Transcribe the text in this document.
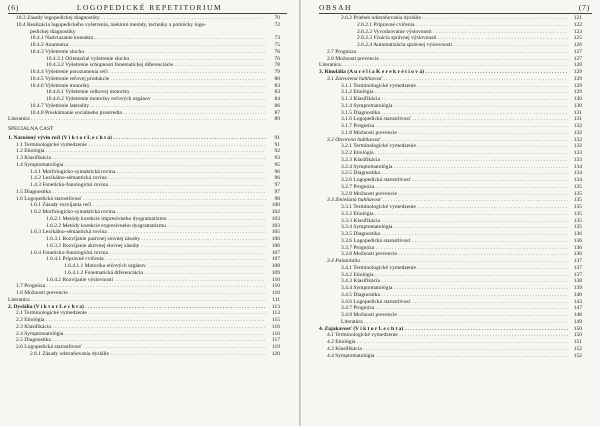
(6)	LOGOPEDICKÉ REPETITORIUM
10.3 Zásady logopedickej diagnostiky . . .	70
10.4 Realizácia logopedického vyšetrenia, niektoré metódy, techniky a pomôcky logo-	72
pedickej diagnostiky
10.4.1 Nadviazanie kontaktu . . .	73
10.4.2 Anamnéza . . .	75
10.4.3 Vyšetrenie sluchu . . .	76
10.4.3.1 Orientačné vyšetrenie sluchu . . .	76
10.4.3.2 Vyšetrenie schopnosti fonematickej diferenciácie . . .	78
10.4.4 Vyšetrenie porozumenia reči . . .	79
10.4.5 Vyšetrenie rečovej produkcie . . .	80
10.4.6 Vyšetrenie motoriky . . .	83
10.4.6.1 Vyšetrenie celkovej motoriky . . .	83
10.4.6.2 Vyšetrenie motoriky rečových orgánov . . .	84
10.4.7 Vyšetrenie laterality . . .	86
10.4.8 Preskúmanie sociálneho prostredia . . .	87
Literatúra . . .	89
ŠPECIÁLNA ČASŤ
1. Narušený vývin reči (V i k t o r L e c h t a) . . .	91
1.1 Terminologické vymedzenie . . .	91
1.2 Etiológia . . .	92
1.3 Klasifikácia . . .	93
1.4 Symptomatológia . . .	95
1.4.1 Morfologicko-syntaktická rovina . . .	96
1.4.2 Lexikálno-sémantická rovina . . .	96
1.4.3 Foneticko-fonologická rovina . . .	97
1.5 Diagnostika . . .	97
1.6 Logopedická starostlivosť . . .	98
1.6.1 Zásady rozvíjania reči . . .	100
1.6.2 Morfologicko-syntaktická rovina . . .	102
1.6.2.1 Metódy korekcie impresívneho dysgramatizmu . . .	103
1.6.2.2 Metódy korekcie expresívneho dysgramatizmu . . .	103
1.6.3 Lexikálno-sémantická rovina . . .	105
1.6.3.1 Rozvíjanie pasívnej slovnej zásoby . . .	106
1.6.3.2 Rozvíjanie aktívnej slovnej zásoby . . .	106
1.6.4 Foneticko-fonologická rovina . . .	107
1.6.4.1 Prípravné cvičenia . . .	107
1.6.4.1.1 Motorika rečových orgánov . . .	108
1.6.4.1.2 Fonematická diferenciácia . . .	109
1.6.4.2 Rozvíjanie výslovnosti . . .	110
1.7 Prognóza . . .	110
1.8 Možnosti prevencie . . .	110
Literatúra . . .	111
2. Dyslália (V i k t o r L e c h t a) . . .	113
2.1 Terminologické vymedzenie . . .	113
2.2 Etiológia . . .	115
2.3 Klasifikácia . . .	116
2.4 Symptomatológia . . .	116
2.5 Diagnostika . . .	117
2.6 Logopedická starostlivosť . . .	119
2.6.1 Zásady odstraňovania dyslálie . . .	120
OBSAH	(7)
2.6.2 Priebeh odstraňovania dyslálie . . .	121
2.6.2.1 Prípravné cvičenia . . .	122
2.6.2.2 Vyvodzovanie výslovnosti . . .	123
2.6.2.3 Fixácia správnej výslovnosti . . .	125
2.6.2.4 Automatizácia správnej výslovnosti . . .	126
2.7 Prognóza . . .	127
2.8 Možnosti prevencie . . .	127
Literatúra . . .	128
3. Rinolália (A u r é l i a K e r e k r é t i o v á) . . .	129
3.1 Zatvorená huhňavosť . . .	129
3.1.1 Terminologické vymedzenie . . .	129
3.1.2 Etiológia . . .	129
3.1.3 Klasifikácia . . .	130
3.1.4 Symptomatológia . . .	130
3.1.5 Diagnostika . . .	131
3.1.6 Logopedická starostlivosť . . .	131
3.1.7 Prognóza . . .	132
3.1.8 Možnosti prevencie . . .	132
3.2 Otvorená huhňavosť . . .	132
3.2.1 Terminologické vymedzenie . . .	132
3.2.2 Etiológia . . .	133
3.2.3 Klasifikácia . . .	133
3.2.4 Symptomatológia . . .	134
3.2.5 Diagnostika . . .	134
3.2.6 Logopedická starostlivosť . . .	134
3.2.7 Prognóza . . .	135
3.2.8 Možnosti prevencie . . .	135
3.3 Zmiešaná huhňavosť . . .	135
3.3.1 Terminologické vymedzenie . . .	135
3.3.2 Etiológia . . .	135
3.3.3 Klasifikácia . . .	135
3.3.4 Symptomatológia . . .	135
3.3.5 Diagnostika . . .	136
3.3.6 Logopedická starostlivosť . . .	136
3.3.7 Prognóza . . .	136
3.3.8 Možnosti prevencie . . .	136
3.4 Palatolália . . .	137
3.4.1 Terminologické vymedzenie . . .	137
3.4.2 Etiológia . . .	137
3.4.3 Klasifikácia . . .	138
3.4.4 Symptomatológia . . .	139
3.4.5 Diagnostika . . .	140
3.4.6 Logopedická starostlivosť . . .	143
3.4.7 Prognóza . . .	147
3.4.8 Možnosti prevencie . . .	148
Literatúra . . .	149
4. Zajakavosť (V i k t o r L e c h t a) . . .	150
4.1 Terminologické vymedzenie . . .	150
4.2 Etiológia . . .	151
4.3 Klasifikácia . . .	152
4.4 Symptomatológia . . .	152
